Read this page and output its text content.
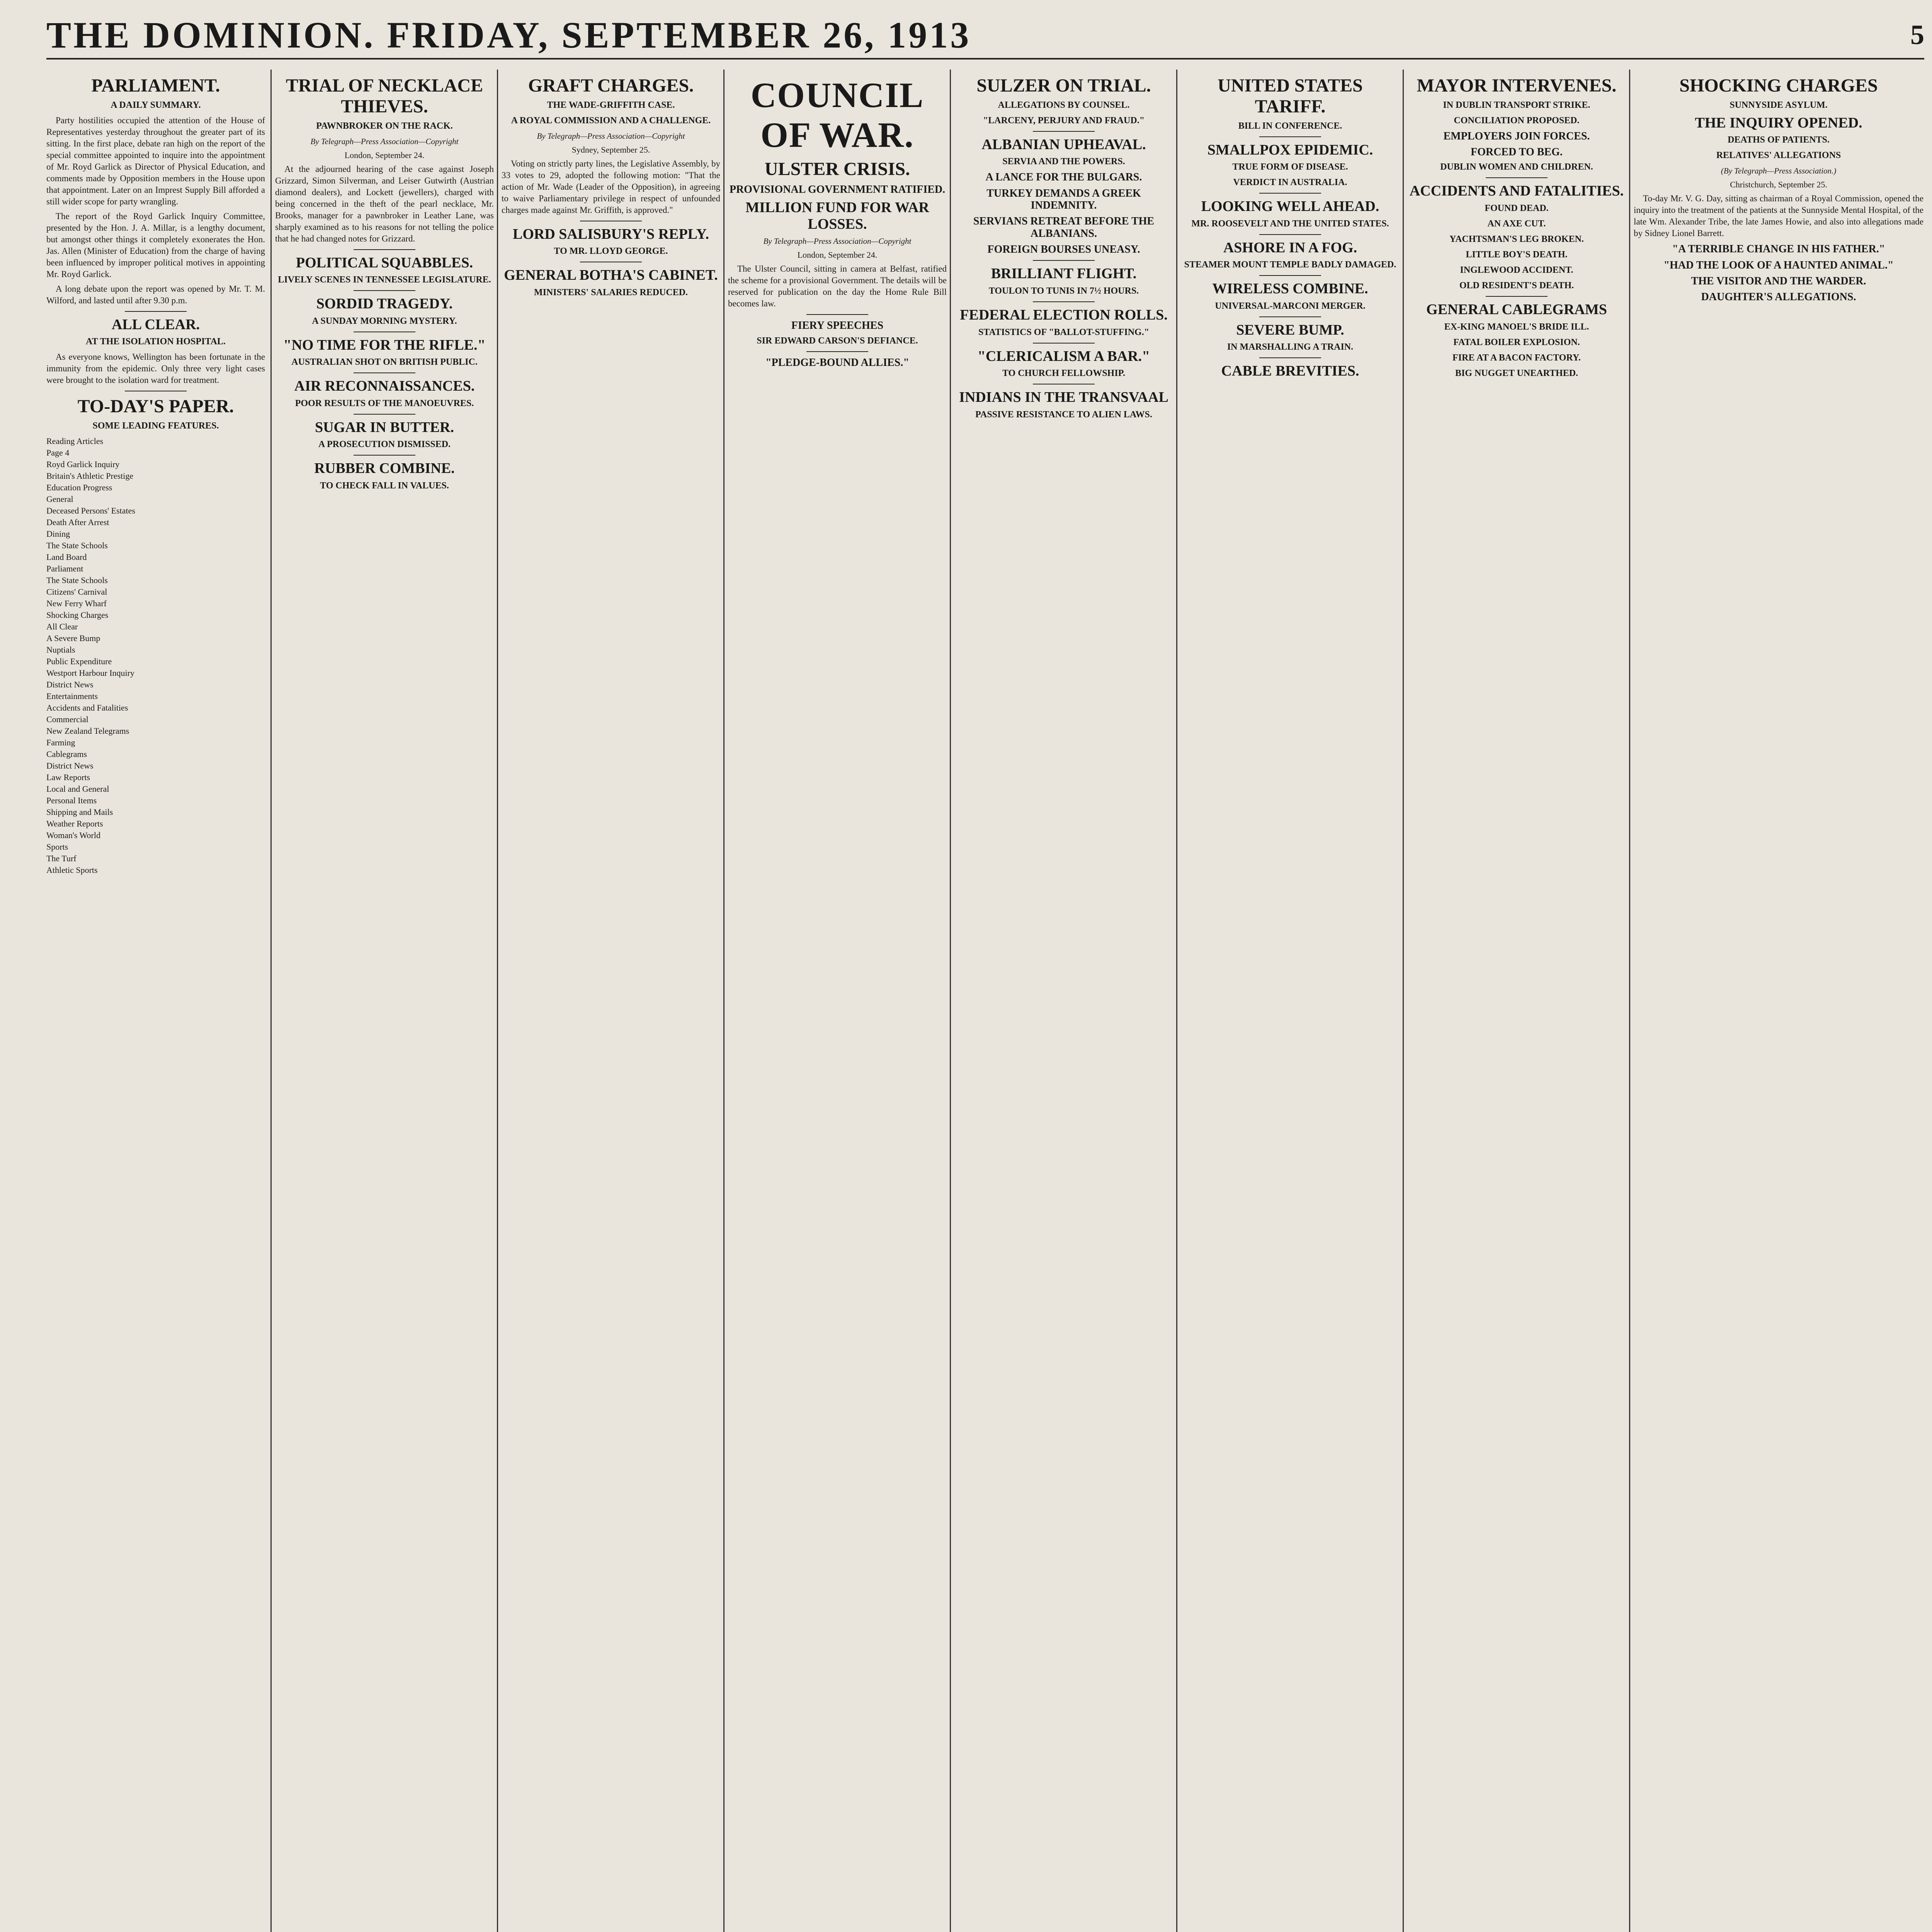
THE DOMINION. FRIDAY, SEPTEMBER 26, 1913	5
PARLIAMENT.
A DAILY SUMMARY.

Party hostilities occupied the attention of the House of Representatives yesterday throughout the greater part of its sitting. In the first place, debate ran high on the report of the special committee appointed to inquire into the appointment of Mr. Royd Garlick as Director of Physical Education, and comments made by Opposition members in the House upon that appointment. Later on an Imprest Supply Bill afforded a still wider scope for party wrangling.

The report of the Royd Garlick Inquiry Committee, presented by the Hon. J. A. Millar, is a lengthy document, but amongst other things it completely exonerates the Hon. Jas. Allen (Minister of Education) from the charge of having been influenced by improper political motives in appointing Mr. Royd Garlick.

A long debate upon the report was opened by Mr. T. M. Wilford, and lasted until after 9.30 p.m.

ALL CLEAR.
AT THE ISOLATION HOSPITAL.

As everyone knows, Wellington has been fortunate in the immunity from the epidemic. Only three very light cases were brought to the isolation ward for treatment.

TO-DAY'S PAPER.
SOME LEADING FEATURES.
Reading Articles
Page 4
Royd Garlick Inquiry
Britain's Athletic Prestige
Education Progress
General
Deceased Persons' Estates
Death After Arrest
Dining
The State Schools
Land Board
Parliament
The State Schools
Citizens' Carnival
New Ferry Wharf
Shocking Charges
All Clear
A Severe Bump
Nuptials
Public Expenditure
Westport Harbour Inquiry
District News
Entertainments
Accidents and Fatalities
Commercial
New Zealand Telegrams
Farming
Cablegrams
District News
Law Reports
Local and General
Personal Items
Shipping and Mails
Weather Reports
Woman's World
Sports
The Turf
Athletic Sports
TRIAL OF NECKLACE THIEVES.
PAWNBROKER ON THE RACK.
By Telegraph—Press Association—Copyright
London, September 24.

At the adjourned hearing of the case against Joseph Grizzard, Simon Silverman, and Leiser Gutwirth (Austrian diamond dealers), and Lockett (jewellers), charged with being concerned in the theft of the pearl necklace, Mr. Brooks, manager for a pawnbroker in Leather Lane, was sharply examined as to his reasons for not telling the police that he had changed notes for Grizzard.

POLITICAL SQUABBLES.
LIVELY SCENES IN TENNESSEE LEGISLATURE.
SORDID TRAGEDY.
A SUNDAY MORNING MYSTERY.
"NO TIME FOR THE RIFLE."
AUSTRALIAN SHOT ON BRITISH PUBLIC.
AIR RECONNAISSANCES.
POOR RESULTS OF THE MANOEUVRES.
SUGAR IN BUTTER.
A PROSECUTION DISMISSED.
RUBBER COMBINE.
TO CHECK FALL IN VALUES.
GRAFT CHARGES.
THE WADE-GRIFFITH CASE.
A ROYAL COMMISSION AND A CHALLENGE.
By Telegraph—Press Association—Copyright
Sydney, September 25.

Voting on strictly party lines, the Legislative Assembly, by 33 votes to 29, adopted the following motion: "That the action of Mr. Wade (Leader of the Opposition), in agreeing to waive Parliamentary privilege in respect of unfounded charges made against Mr. Griffith, is approved."

LORD SALISBURY'S REPLY.
TO MR. LLOYD GEORGE.
GENERAL BOTHA'S CABINET.
MINISTERS' SALARIES REDUCED.
COUNCIL OF WAR.
ULSTER CRISIS.
PROVISIONAL GOVERNMENT RATIFIED.
MILLION FUND FOR WAR LOSSES.
By Telegraph—Press Association—Copyright
London, September 24.

The Ulster Council, sitting in camera at Belfast, ratified the scheme for a provisional Government. The details will be reserved for publication on the day the Home Rule Bill becomes law.

FIERY SPEECHES
SIR EDWARD CARSON'S DEFIANCE.
"PLEDGE-BOUND ALLIES."
SULZER ON TRIAL.
ALLEGATIONS BY COUNSEL.
"LARCENY, PERJURY AND FRAUD."
ALBANIAN UPHEAVAL.
SERVIA AND THE POWERS.
A LANCE FOR THE BULGARS.
TURKEY DEMANDS A GREEK INDEMNITY.
SERVIANS RETREAT BEFORE THE ALBANIANS.
FOREIGN BOURSES UNEASY.
BRILLIANT FLIGHT.
TOULON TO TUNIS IN 7½ HOURS.
FEDERAL ELECTION ROLLS.
STATISTICS OF "BALLOT-STUFFING."
"CLERICALISM A BAR."
TO CHURCH FELLOWSHIP.
INDIANS IN THE TRANSVAAL
PASSIVE RESISTANCE TO ALIEN LAWS.
UNITED STATES TARIFF.
BILL IN CONFERENCE.
SMALLPOX EPIDEMIC.
TRUE FORM OF DISEASE.
VERDICT IN AUSTRALIA.
LOOKING WELL AHEAD.
MR. ROOSEVELT AND THE UNITED STATES.
ASHORE IN A FOG.
STEAMER MOUNT TEMPLE BADLY DAMAGED.
WIRELESS COMBINE.
UNIVERSAL-MARCONI MERGER.
SEVERE BUMP.
IN MARSHALLING A TRAIN.
CABLE BREVITIES.
MAYOR INTERVENES.
IN DUBLIN TRANSPORT STRIKE.
CONCILIATION PROPOSED.
EMPLOYERS JOIN FORCES.
FORCED TO BEG.
DUBLIN WOMEN AND CHILDREN.
ACCIDENTS AND FATALITIES.
FOUND DEAD.
AN AXE CUT.
YACHTSMAN'S LEG BROKEN.
LITTLE BOY'S DEATH.
INGLEWOOD ACCIDENT.
OLD RESIDENT'S DEATH.
GENERAL CABLEGRAMS
EX-KING MANOEL'S BRIDE ILL.
FATAL BOILER EXPLOSION.
FIRE AT A BACON FACTORY.
BIG NUGGET UNEARTHED.
SHOCKING CHARGES
SUNNYSIDE ASYLUM.
THE INQUIRY OPENED.
DEATHS OF PATIENTS.
RELATIVES' ALLEGATIONS
(By Telegraph—Press Association.)
Christchurch, September 25.

To-day Mr. V. G. Day, sitting as chairman of a Royal Commission, opened the inquiry into the treatment of the patients at the Sunnyside Mental Hospital, of the late Wm. Alexander Tribe, the late James Howie, and also into allegations made by Sidney Lionel Barrett.

"A TERRIBLE CHANGE IN HIS FATHER."
"HAD THE LOOK OF A HAUNTED ANIMAL."
THE VISITOR AND THE WARDER.
DAUGHTER'S ALLEGATIONS.
